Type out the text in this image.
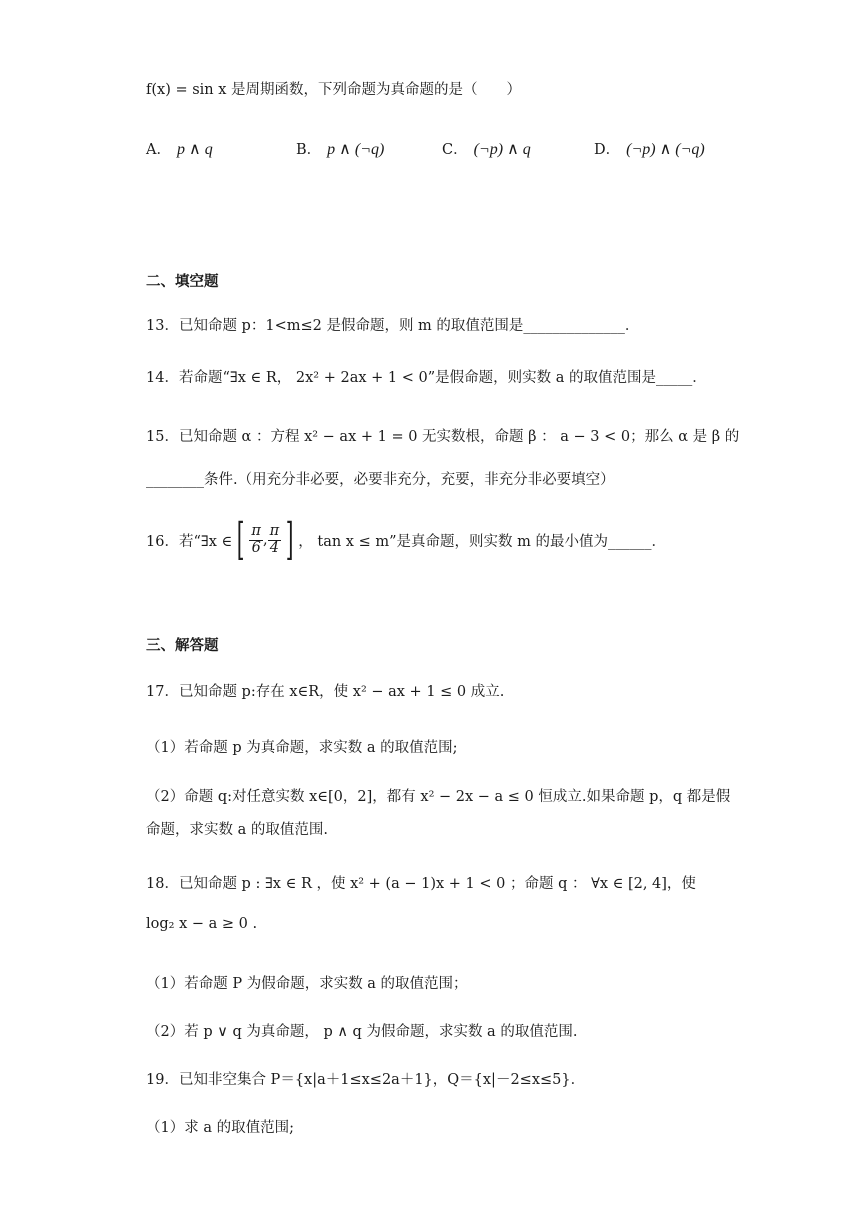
f(x) = sin x 是周期函数，下列命题为真命题的是（　　）
A． p ∧ q	B． p ∧ (¬q)	C． (¬p) ∧ q	D． (¬p) ∧ (¬q)
二、填空题
13．已知命题 p：1<m≤2 是假命题，则 m 的取值范围是______________．
14．若命题“∃x ∈ R， 2x² + 2ax + 1 < 0”是假命题，则实数 a 的取值范围是_____．
15．已知命题 α ：方程 x² − ax + 1 = 0 无实数根，命题 β ： a − 3 < 0；那么 α 是 β 的
________条件.（用充分非必要，必要非充分，充要，非充分非必要填空）
16．若“∃x ∈ [ $\frac{\pi}{6}$ , $\frac{\pi}{4}$ ] ， tan x ≤ m”是真命题，则实数 m 的最小值为______．
三、解答题
17．已知命题 p:存在 x∈R，使 x² − ax + 1 ≤ 0 成立.
（1）若命题 p 为真命题，求实数 a 的取值范围;
（2）命题 q:对任意实数 x∈[0，2]，都有 x² − 2x − a ≤ 0 恒成立.如果命题 p，q 都是假
命题，求实数 a 的取值范围.
18．已知命题 p : ∃x ∈ R ，使 x² + (a − 1)x + 1 < 0 ；命题 q ： ∀x ∈ [2, 4]，使
log₂ x − a ≥ 0 .
（1）若命题 P 为假命题，求实数 a 的取值范围；
（2）若 p ∨ q 为真命题， p ∧ q 为假命题，求实数 a 的取值范围.
19．已知非空集合 P＝{x|a＋1≤x≤2a＋1}，Q＝{x|－2≤x≤5}．
（1）求 a 的取值范围;
